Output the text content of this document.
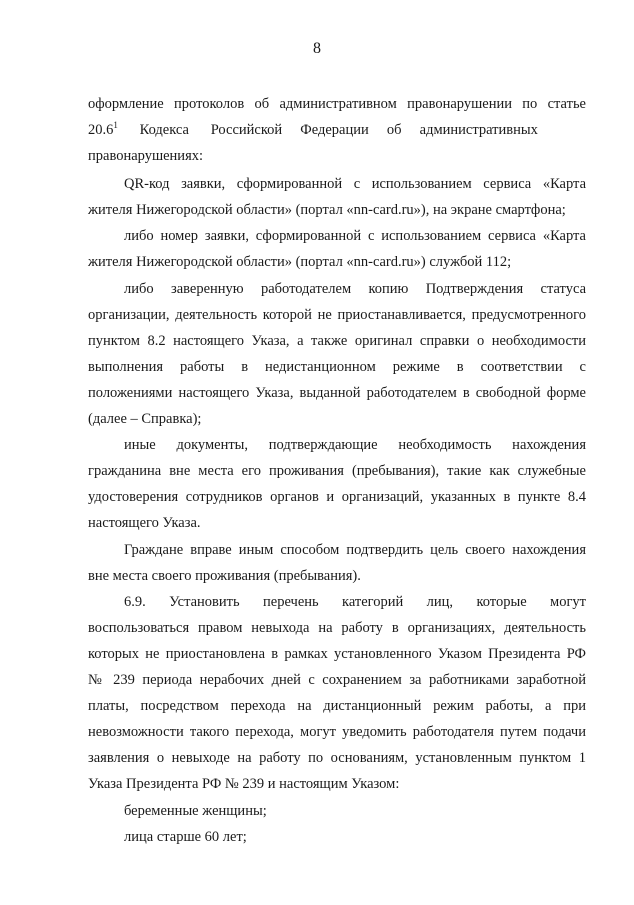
8
оформление протоколов об административном правонарушении по статье
20.6$^1$      Кодекса      Российской     Федерации     об     административных
правонарушениях:
QR-код заявки, сформированной с использованием сервиса «Карта
жителя Нижегородской области» (портал «nn-card.ru»), на экране смартфона;
либо номер заявки, сформированной с использованием сервиса «Карта
жителя Нижегородской области» (портал «nn-card.ru») службой 112;
либо заверенную работодателем копию Подтверждения статуса
организации, деятельность которой не приостанавливается, предусмотренного
пунктом 8.2 настоящего Указа, а также оригинал справки о необходимости
выполнения работы в недистанционном режиме в соответствии с
положениями настоящего Указа, выданной работодателем в свободной форме
(далее – Справка);
иные документы, подтверждающие необходимость нахождения
гражданина вне места его проживания (пребывания), такие как служебные
удостоверения сотрудников органов и организаций, указанных в пункте 8.4
настоящего Указа.
Граждане вправе иным способом подтвердить цель своего нахождения
вне места своего проживания (пребывания).
6.9. Установить перечень категорий лиц, которые могут
воспользоваться правом невыхода на работу в организациях, деятельность
которых не приостановлена в рамках установленного Указом Президента РФ
№ 239 периода нерабочих дней с сохранением за работниками заработной
платы, посредством перехода на дистанционный режим работы, а при
невозможности такого перехода, могут уведомить работодателя путем подачи
заявления о невыходе на работу по основаниям, установленным пунктом 1
Указа Президента РФ № 239 и настоящим Указом:
беременные женщины;
лица старше 60 лет;
